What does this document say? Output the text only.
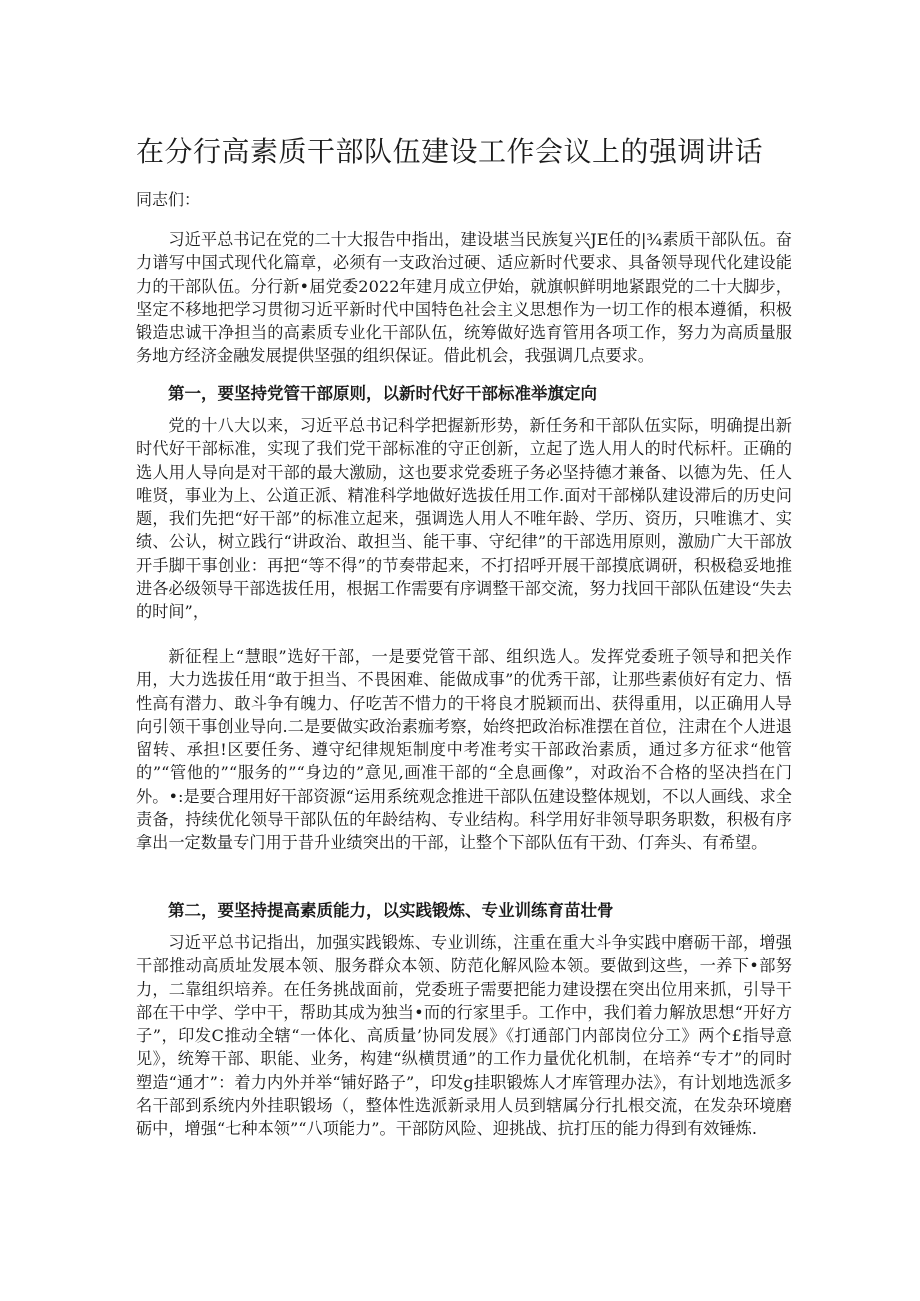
在分行高素质干部队伍建设工作会议上的强调讲话

同志们：

习近平总书记在党的二十大报告中指出，建设堪当民族复兴JE任的|¾素质干部队伍。奋力谱写中国式现代化篇章，必须有一支政治过硬、适应新时代要求、具备领导现代化建设能力的干部队伍。分行新•届党委2022年建月成立伊始，就旗帜鲜明地紧跟党的二十大脚步，坚定不移地把学习贯彻习近平新时代中国特色社会主义思想作为一切工作的根本遵循，积极锻造忠诚干净担当的高素质专业化干部队伍，统筹做好选育管用各项工作，努力为高质量服务地方经济金融发展提供坚强的组织保证。借此机会，我强调几点要求。

第一，要坚持党管干部原则，以新时代好干部标准举旗定向

党的十八大以来，习近平总书记科学把握新形势，新任务和干部队伍实际，明确提出新时代好干部标准，实现了我们党干部标准的守正创新，立起了选人用人的时代标杆。正确的选人用人导向是对干部的最大激励，这也要求党委班子务必坚持德才兼备、以德为先、任人唯贤，事业为上、公道正派、精准科学地做好选拔任用工作.面对干部梯队建设滞后的历史问题，我们先把“好干部”的标准立起来，强调选人用人不唯年龄、学历、资历，只唯谯才、实绩、公认，树立践行“讲政治、敢担当、能干事、守纪律”的干部选用原则，激励广大干部放开手脚干事创业：再把“等不得”的节奏带起来，不打招呼开展干部摸底调研，积极稳妥地推进各必级领导干部选拔任用，根据工作需要有序调整干部交流，努力找回干部队伍建设“失去的时间”，

新征程上“慧眼”选好干部，一是要党管干部、组织选人。发挥党委班子领导和把关作用，大力选拔任用“敢于担当、不畏困难、能做成事”的优秀干部，让那些素侦好有定力、悟性高有潜力、敢斗争有魄力、仔吃苦不惜力的干将良才脱颖而出、获得重用，以正确用人导向引领干事创业导向.二是要做实政治素痂考察，始终把政治标准摆在首位，注肃在个人进退留转、承担!区要任务、遵守纪律规矩制度中考准考实干部政治素质，通过多方征求“他管的”“管他的”“服务的”“身边的”意见,画准干部的“全息画像”，对政治不合格的坚决挡在门外。•:是要合理用好干部资源“运用系统观念推进干部队伍建设整体规划，不以人画线、求全责备，持续优化领导干部队伍的年龄结构、专业结构。科学用好非领导职务职数，积极有序拿出一定数量专门用于昔升业绩突出的干部，让整个下部队伍有干劲、仃奔头、有希望。

第二，要坚持提高素质能力，以实践锻炼、专业训练育苗壮骨

习近平总书记指出，加强实践锻炼、专业训练，注重在重大斗争实践中磨砺干部，增强干部推动高质址发展本领、服务群众本领、防范化解风险本领。要做到这些，一养下•部努力，二靠组织培养。在任务挑战面前，党委班子需要把能力建设摆在突出位用来抓，引导干部在干中学、学中干，帮助其成为独当•而的行家里手。工作中，我们着力解放思想“开好方子”，印发C推动全辖“一体化、高质量’协同发展》《打通部门内部岗位分工》两个£指导意见》，统筹干部、职能、业务，构建“纵横贯通”的工作力量优化机制，在培养“专才”的同时塑造“通才”：着力内外并举“铺好路子”，印发g挂职锻炼人才库管理办法》，有计划地选派多名干部到系统内外挂职锻场（，整体性选派新录用人员到辖属分行扎根交流，在发杂环境磨砺中，增强“七种本领”“八项能力”。干部防风险、迎挑战、抗打压的能力得到有效锤炼.
